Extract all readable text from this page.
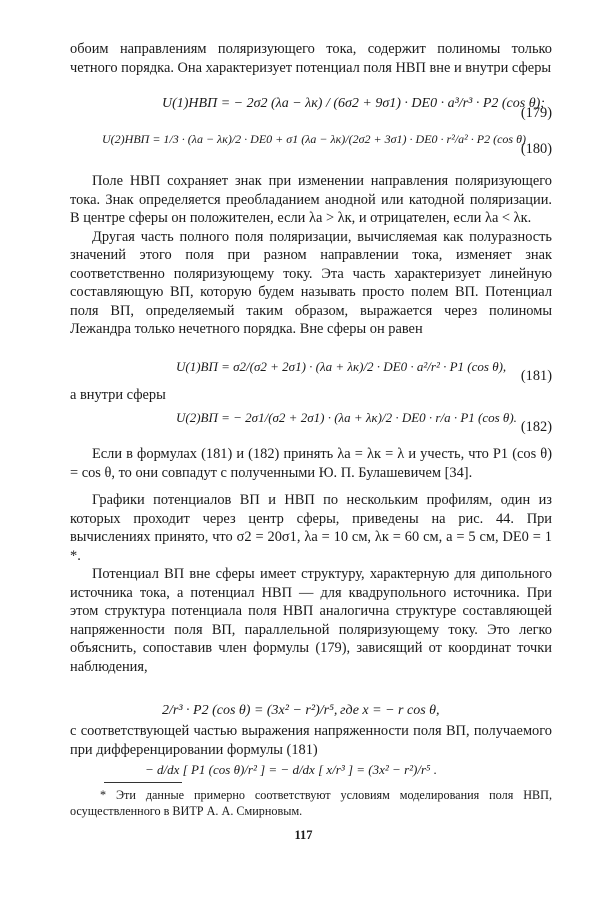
обоим направлениям поляризующего тока, содержит полиномы только четного порядка. Она характеризует потенциал поля НВП вне и внутри сферы

U(1)НВП = − 2σ2 (λа − λк) / (6σ2 + 9σ1) · DE0 · a³/r³ · P2 (cos θ);
(179)
U(2)НВП = 1/3 · (λа − λк)/2 · DE0 + σ1 (λа − λк)/(2σ2 + 3σ1) · DE0 · r²/a² · P2 (cos θ)
(180)

Поле НВП сохраняет знак при изменении направления поляризующего тока. Знак определяется преобладанием анодной или катодной поляризации. В центре сферы он положителен, если λа > λк, и отрицателен, если λа < λк.

Другая часть полного поля поляризации, вычисляемая как полуразность значений этого поля при разном направлении тока, изменяет знак соответственно поляризующему току. Эта часть характеризует линейную составляющую ВП, которую будем называть просто полем ВП. Потенциал поля ВП, определяемый таким образом, выражается через полиномы Лежандра только нечетного порядка. Вне сферы он равен

U(1)ВП = σ2/(σ2 + 2σ1) · (λа + λк)/2 · DE0 · a²/r² · P1 (cos θ),
(181)

а внутри сферы

U(2)ВП = − 2σ1/(σ2 + 2σ1) · (λа + λк)/2 · DE0 · r/a · P1 (cos θ).
(182)

Если в формулах (181) и (182) принять λа = λк = λ и учесть, что P1 (cos θ) = cos θ, то они совпадут с полученными Ю. П. Булашевичем [34].

Графики потенциалов ВП и НВП по нескольким профилям, один из которых проходит через центр сферы, приведены на рис. 44. При вычислениях принято, что σ2 = 20σ1, λа = 10 см, λк = 60 см, a = 5 см, DE0 = 1 *.

Потенциал ВП вне сферы имеет структуру, характерную для дипольного источника тока, а потенциал НВП — для квадрупольного источника. При этом структура потенциала поля НВП аналогична структуре составляющей напряженности поля ВП, параллельной поляризующему току. Это легко объяснить, сопоставив член формулы (179), зависящий от координат точки наблюдения,

2/r³ · P2 (cos θ) = (3x² − r²)/r⁵, где x = − r cos θ,

с соответствующей частью выражения напряженности поля ВП, получаемого при дифференцировании формулы (181)

− d/dx [ P1 (cos θ)/r² ] = − d/dx [ x/r³ ] = (3x² − r²)/r⁵ .

* Эти данные примерно соответствуют условиям моделирования поля НВП, осуществленного в ВИТР А. А. Смирновым.

117
